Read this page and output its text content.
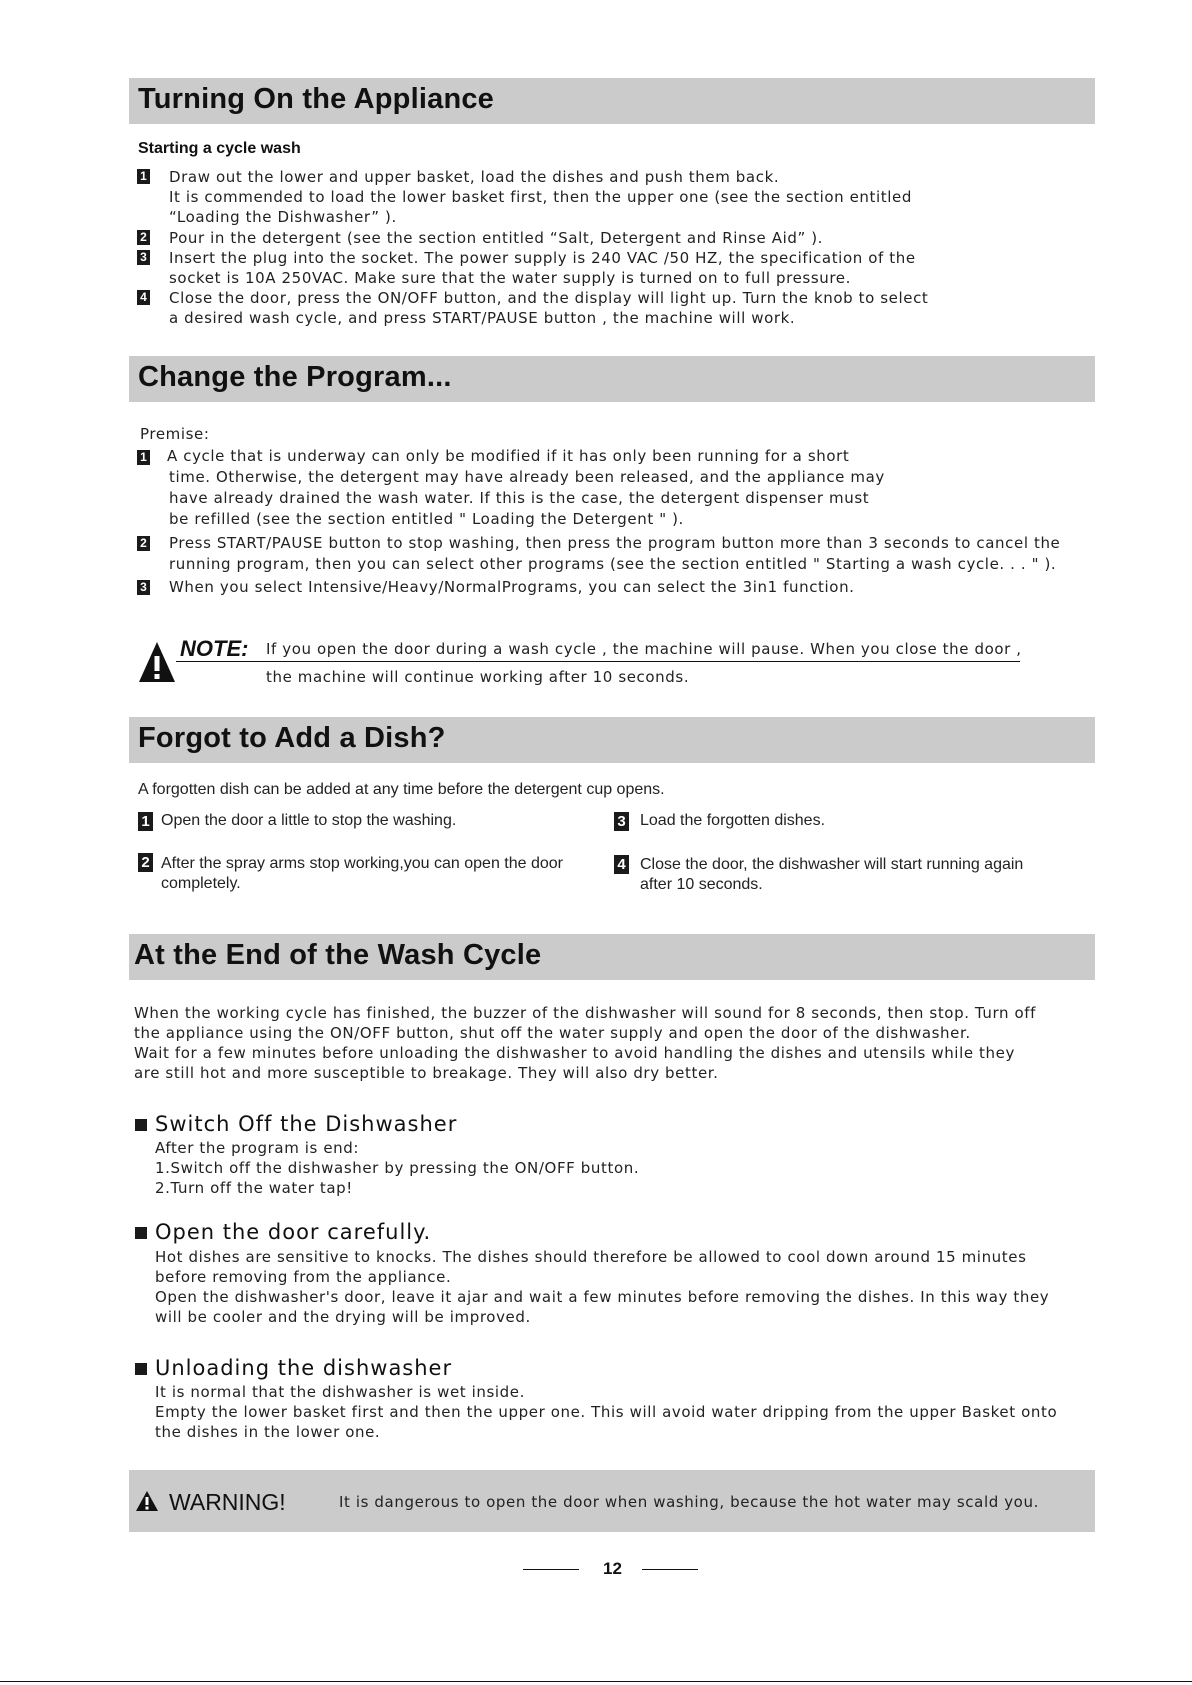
Turning On the Appliance
Starting a cycle wash
1 Draw out the lower and upper basket, load the dishes and push them back.
It is commended to load the lower basket first, then the upper one (see the section entitled
“Loading the Dishwasher” ).
2 Pour in the detergent (see the section entitled “Salt, Detergent and Rinse Aid” ).
3 Insert the plug into the socket. The power supply is 240 VAC /50 HZ, the specification of the
socket is 10A 250VAC. Make sure that the water supply is turned on to full pressure.
4 Close the door, press the ON/OFF button, and the display will light up. Turn the knob to select
a desired wash cycle, and press START/PAUSE button , the machine will work.
Change the Program...
Premise:
1 A cycle that is underway can only be modified if it has only been running for a short
time. Otherwise, the detergent may have already been released, and the appliance may
have already drained the wash water. If this is the case, the detergent dispenser must
be refilled (see the section entitled " Loading the Detergent " ).
2 Press START/PAUSE button to stop washing, then press the program button more than 3 seconds to cancel the
running program, then you can select other programs (see the section entitled " Starting a wash cycle. . . " ).
3 When you select Intensive/Heavy/NormalPrograms, you can select the 3in1 function.
NOTE: If you open the door during a wash cycle , the machine will pause. When you close the door ,
the machine will continue working after 10 seconds.
Forgot to Add a Dish?
A forgotten dish can be added at any time before the detergent cup opens.
1 Open the door a little to stop the washing.
2 After the spray arms stop working,you can open the door
completely.
3 Load the forgotten dishes.
4 Close the door, the dishwasher will start running again
after 10 seconds.
At the End of the Wash Cycle
When the working cycle has finished, the buzzer of the dishwasher will sound for 8 seconds, then stop. Turn off
the appliance using the ON/OFF button, shut off the water supply and open the door of the dishwasher.
Wait for a few minutes before unloading the dishwasher to avoid handling the dishes and utensils while they
are still hot and more susceptible to breakage. They will also dry better.
Switch Off the Dishwasher
After the program is end:
1.Switch off the dishwasher by pressing the ON/OFF button.
2.Turn off the water tap!
Open the door carefully.
Hot dishes are sensitive to knocks. The dishes should therefore be allowed to cool down around 15 minutes
before removing from the appliance.
Open the dishwasher's door, leave it ajar and wait a few minutes before removing the dishes. In this way they
will be cooler and the drying will be improved.
Unloading the dishwasher
It is normal that the dishwasher is wet inside.
Empty the lower basket first and then the upper one. This will avoid water dripping from the upper Basket onto
the dishes in the lower one.
WARNING!	It is dangerous to open the door when washing, because the hot water may scald you.
12
